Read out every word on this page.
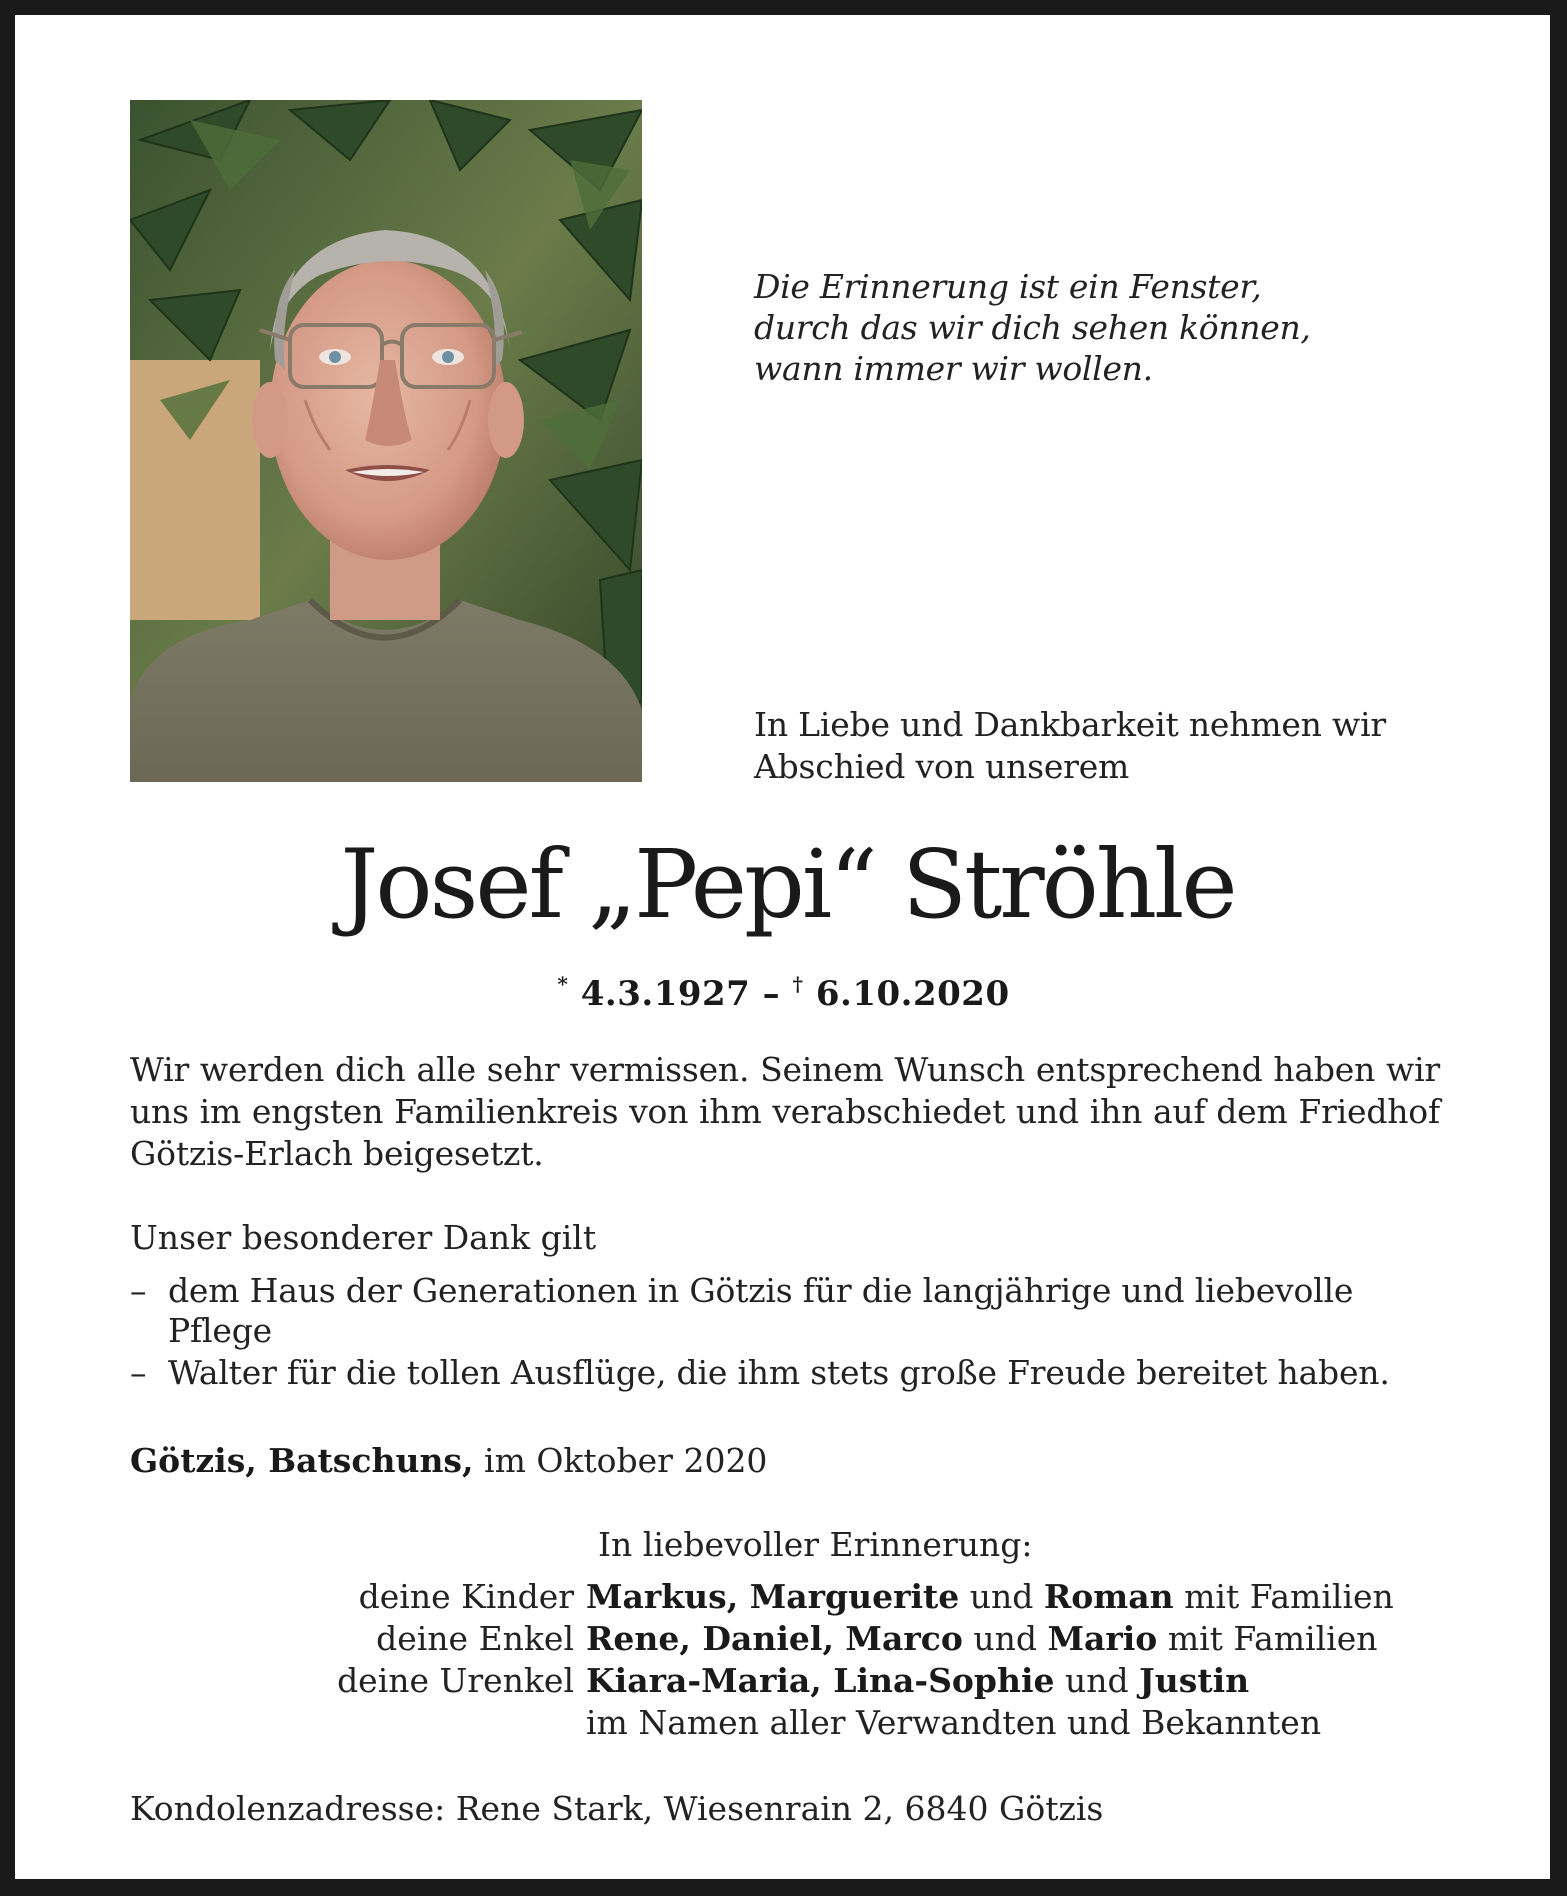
Die Erinnerung ist ein Fenster,
durch das wir dich sehen können,
wann immer wir wollen.
In Liebe und Dankbarkeit nehmen wir
Abschied von unserem
Josef „Pepi“ Ströhle
* 4.3.1927 – † 6.10.2020
Wir werden dich alle sehr vermissen. Seinem Wunsch entsprechend haben wir uns im engsten Familienkreis von ihm verabschiedet und ihn auf dem Friedhof Götzis-Erlach beigesetzt.
Unser besonderer Dank gilt
– dem Haus der Generationen in Götzis für die langjährige und liebevolle Pflege
– Walter für die tollen Ausflüge, die ihm stets große Freude bereitet haben.
Götzis, Batschuns, im Oktober 2020
In liebevoller Erinnerung:
deine Kinder Markus, Marguerite und Roman mit Familien
deine Enkel Rene, Daniel, Marco und Mario mit Familien
deine Urenkel Kiara-Maria, Lina-Sophie und Justin
im Namen aller Verwandten und Bekannten
Kondolenzadresse: Rene Stark, Wiesenrain 2, 6840 Götzis
